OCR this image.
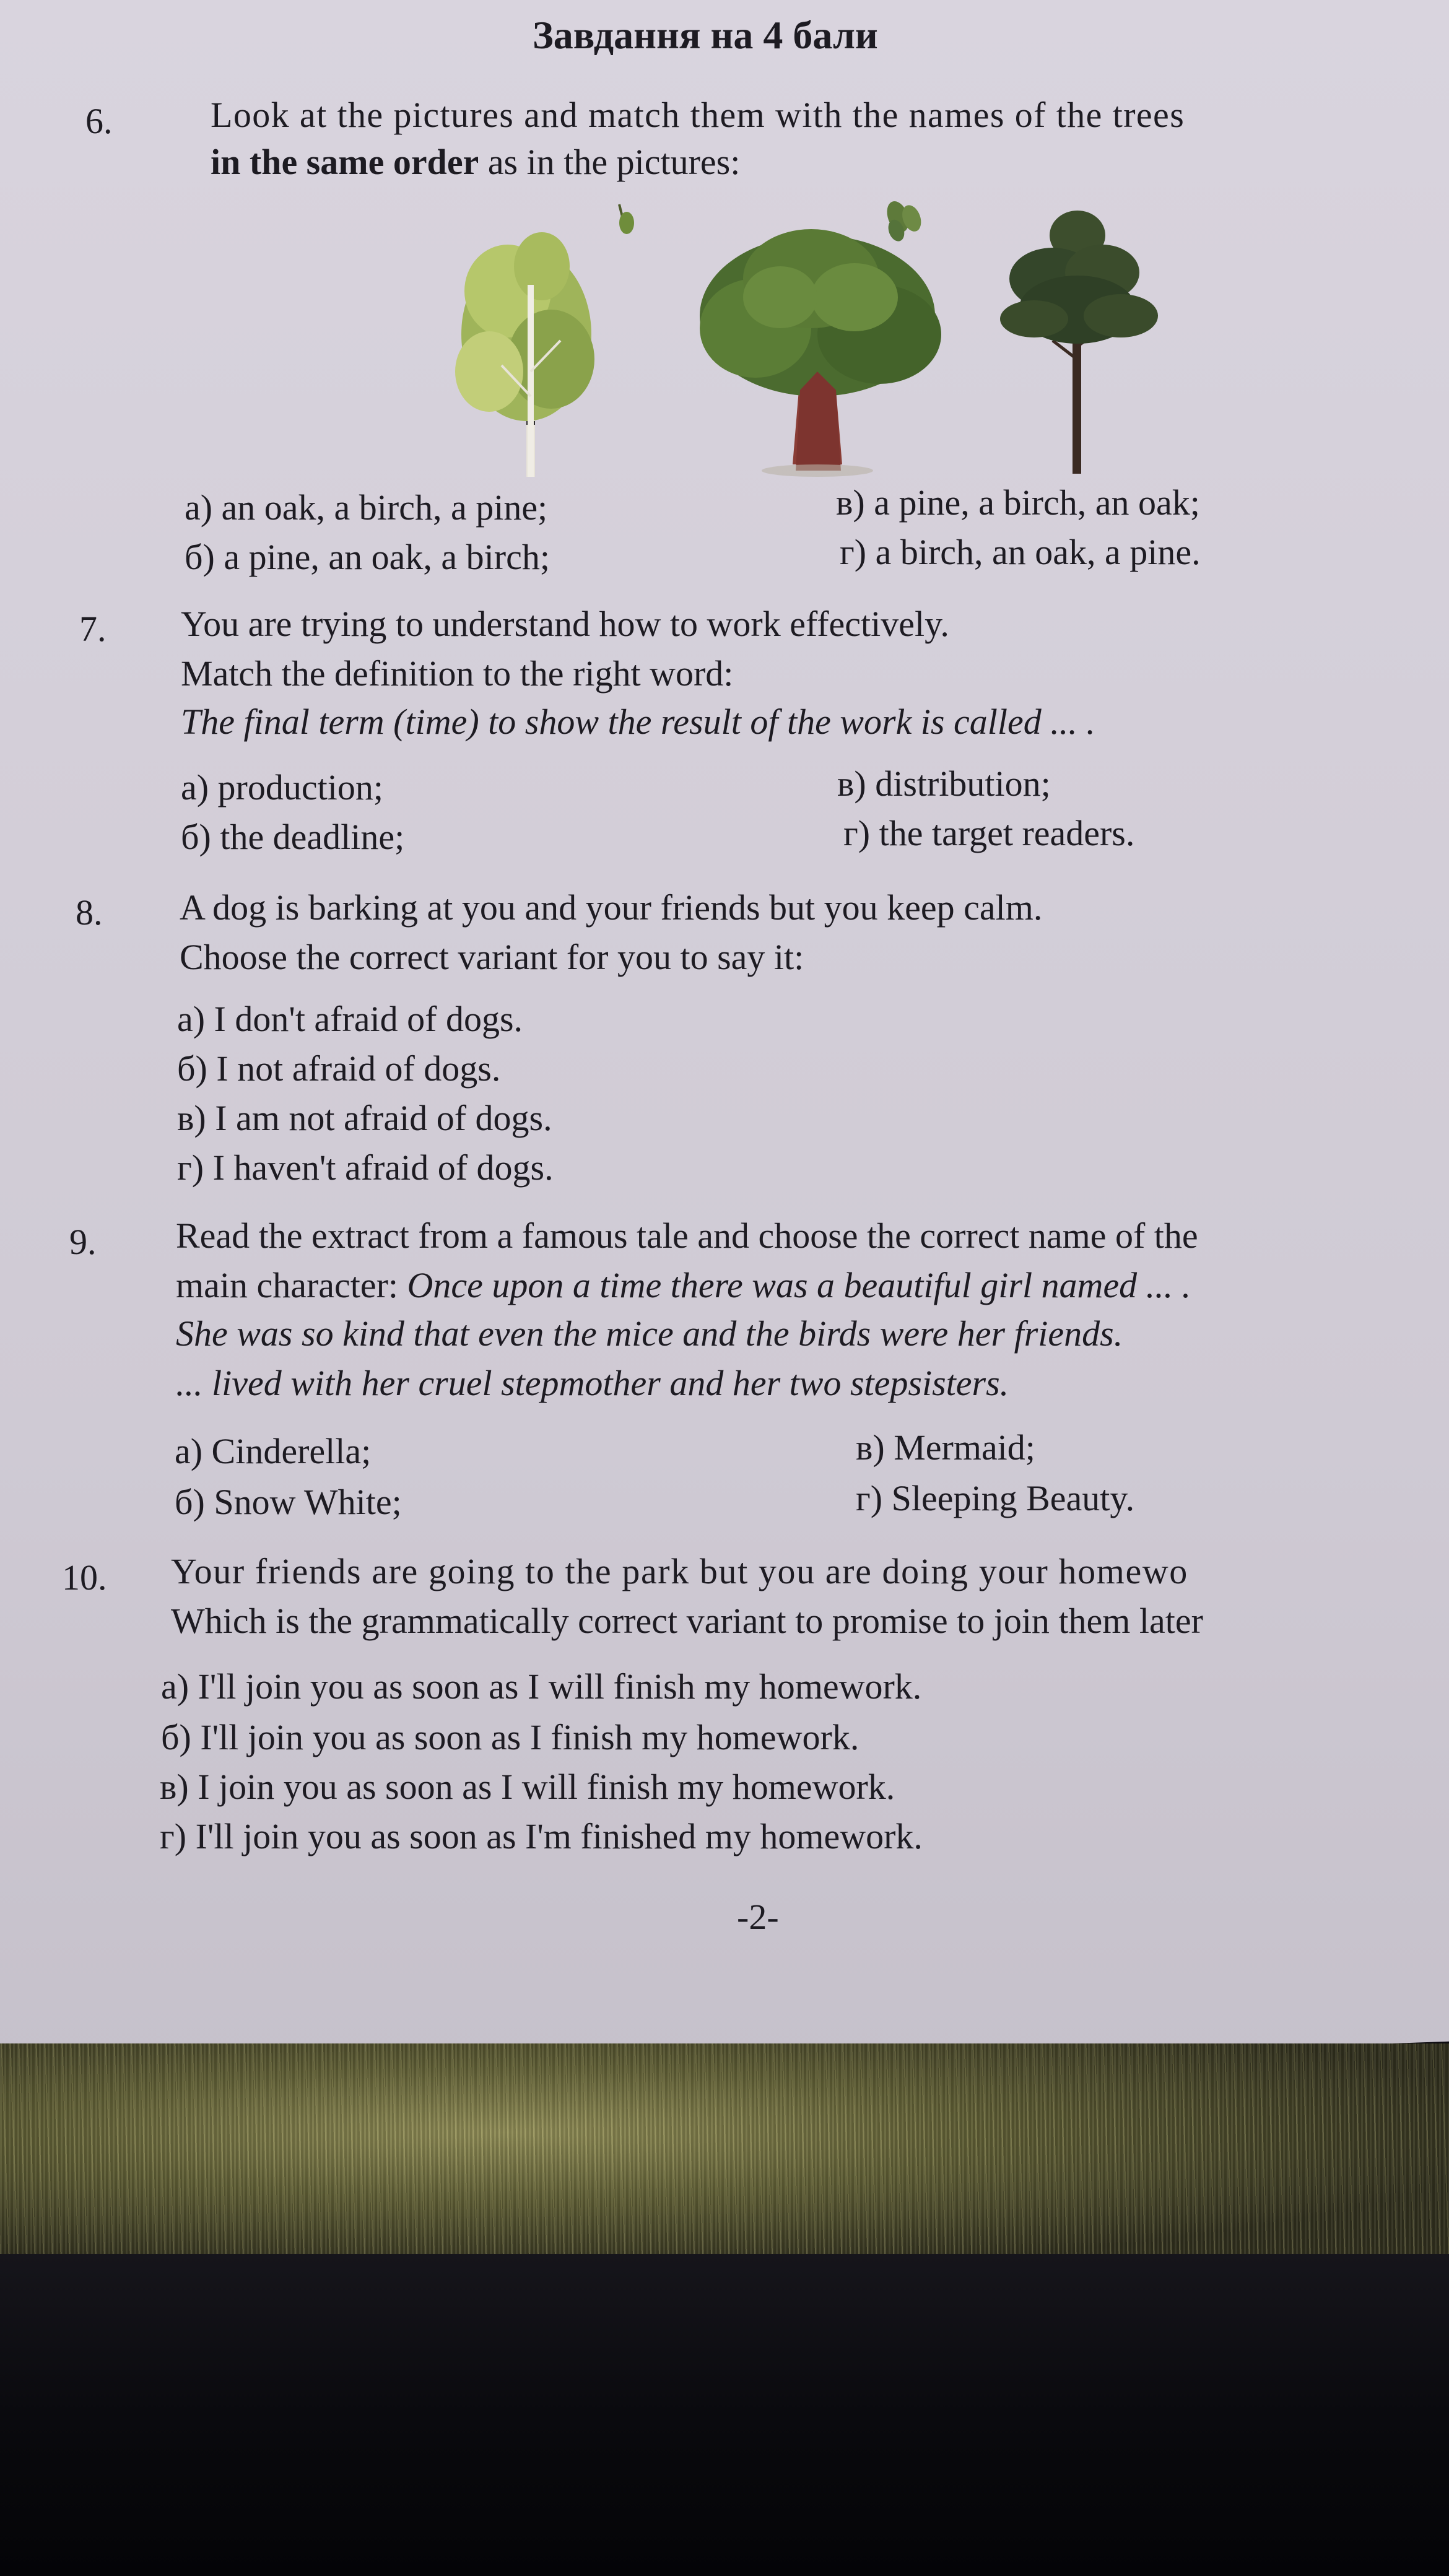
Завдання на 4 бали
6.	Look at the pictures and match them with the names of the trees
in the same order as in the pictures:
а) an oak, a birch, a pine;
б) a pine, an oak, a birch;
в) a pine, a birch, an oak;
г) a birch, an oak, a pine.
7. You are trying to understand how to work effectively.
Match the definition to the right word:
The final term (time) to show the result of the work is called ... .
а) production;
б) the deadline;
в) distribution;
г) the target readers.
8. A dog is barking at you and your friends but you keep calm.
Choose the correct variant for you to say it:
а) I don't afraid of dogs.
б) I not afraid of dogs.
в) I am not afraid of dogs.
г) I haven't afraid of dogs.
9. Read the extract from a famous tale and choose the correct name of the
main character: Once upon a time there was a beautiful girl named ... .
She was so kind that even the mice and the birds were her friends.
... lived with her cruel stepmother and her two stepsisters.
а) Cinderella;
б) Snow White;
в) Mermaid;
г) Sleeping Beauty.
10. Your friends are going to the park but you are doing your homewo
Which is the grammatically correct variant to promise to join them later
а) I'll join you as soon as I will finish my homework.
б) I'll join you as soon as I finish my homework.
в) I join you as soon as I will finish my homework.
г) I'll join you as soon as I'm finished my homework.
-2-
